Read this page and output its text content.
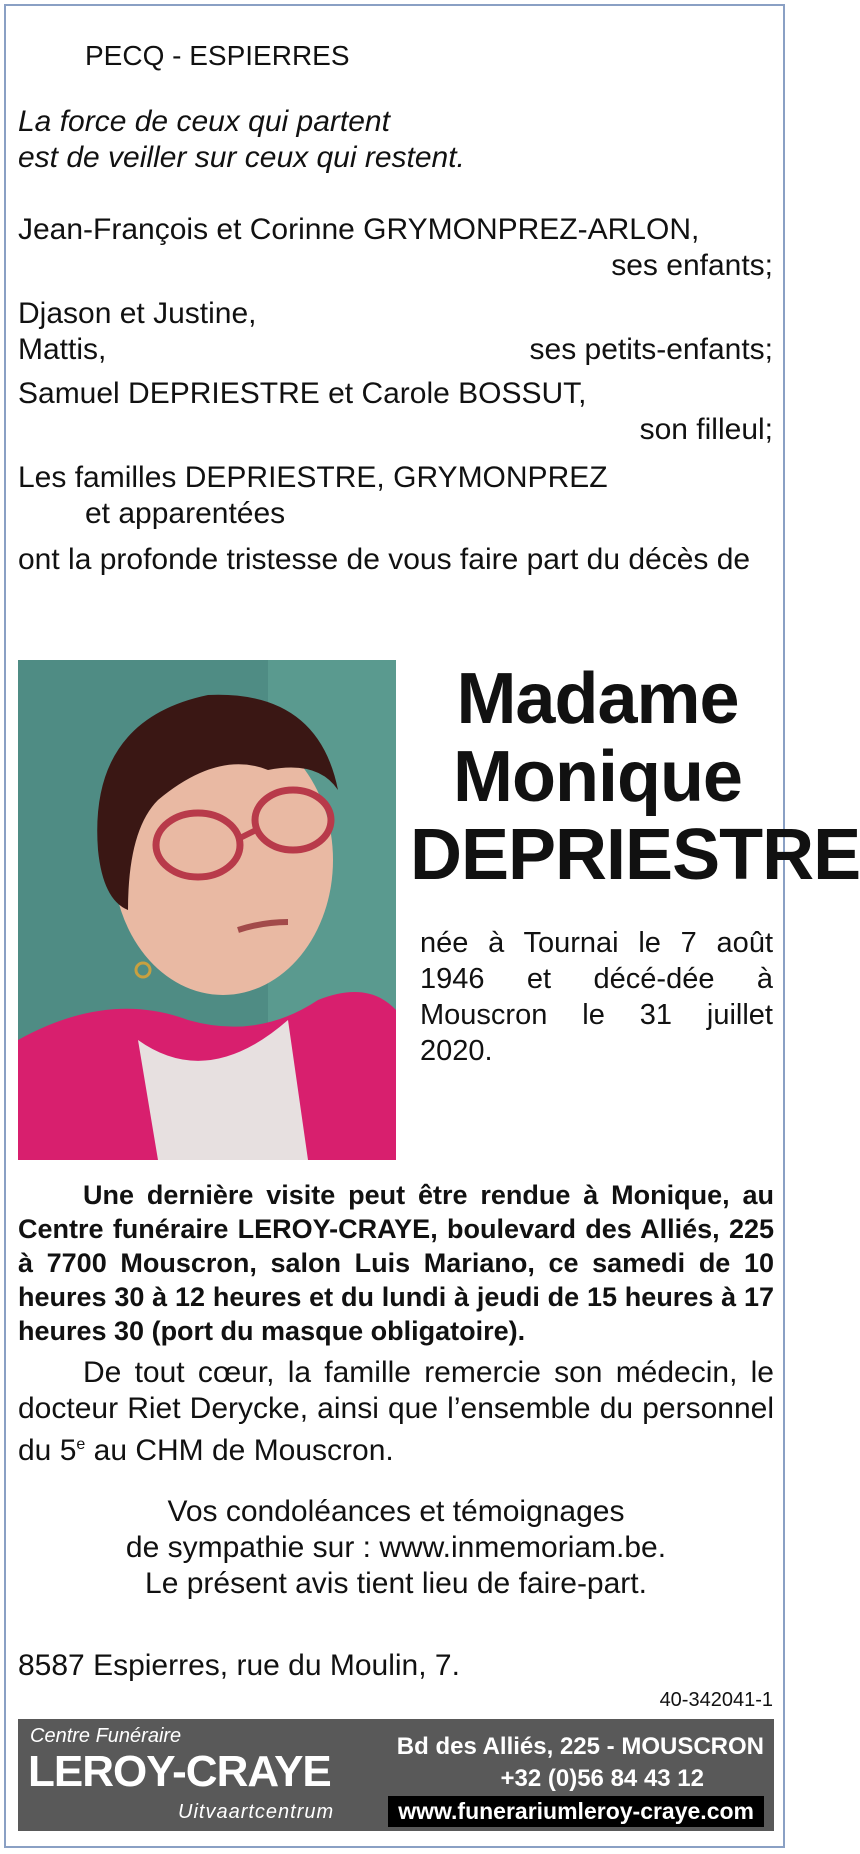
PECQ - ESPIERRES
La force de ceux qui partent
est de veiller sur ceux qui restent.
Jean-François et Corinne GRYMONPREZ-ARLON,
ses enfants;
Djason et Justine,
Mattis,	ses petits-enfants;
Samuel DEPRIESTRE et Carole BOSSUT,
son filleul;
Les familles DEPRIESTRE, GRYMONPREZ
et apparentées
ont la profonde tristesse de vous faire part du décès de
Madame
Monique
DEPRIESTRE
née à Tournai le 7 août 1946 et décé-dée à Mouscron le 31 juillet 2020.
Une dernière visite peut être rendue à Monique, au Centre funéraire LEROY-CRAYE, boulevard des Alliés, 225 à 7700 Mouscron, salon Luis Mariano, ce samedi de 10 heures 30 à 12 heures et du lundi à jeudi de 15 heures à 17 heures 30 (port du masque obligatoire).
De tout cœur, la famille remercie son médecin, le docteur Riet Derycke, ainsi que l’ensemble du personnel du 5e au CHM de Mouscron.
Vos condoléances et témoignages
de sympathie sur : www.inmemoriam.be.
Le présent avis tient lieu de faire-part.
8587 Espierres, rue du Moulin, 7.
40-342041-1
Centre Funéraire
LEROY-CRAYE
Uitvaartcentrum
Bd des Alliés, 225 - MOUSCRON
+32 (0)56 84 43 12
www.funerariumleroy-craye.com
